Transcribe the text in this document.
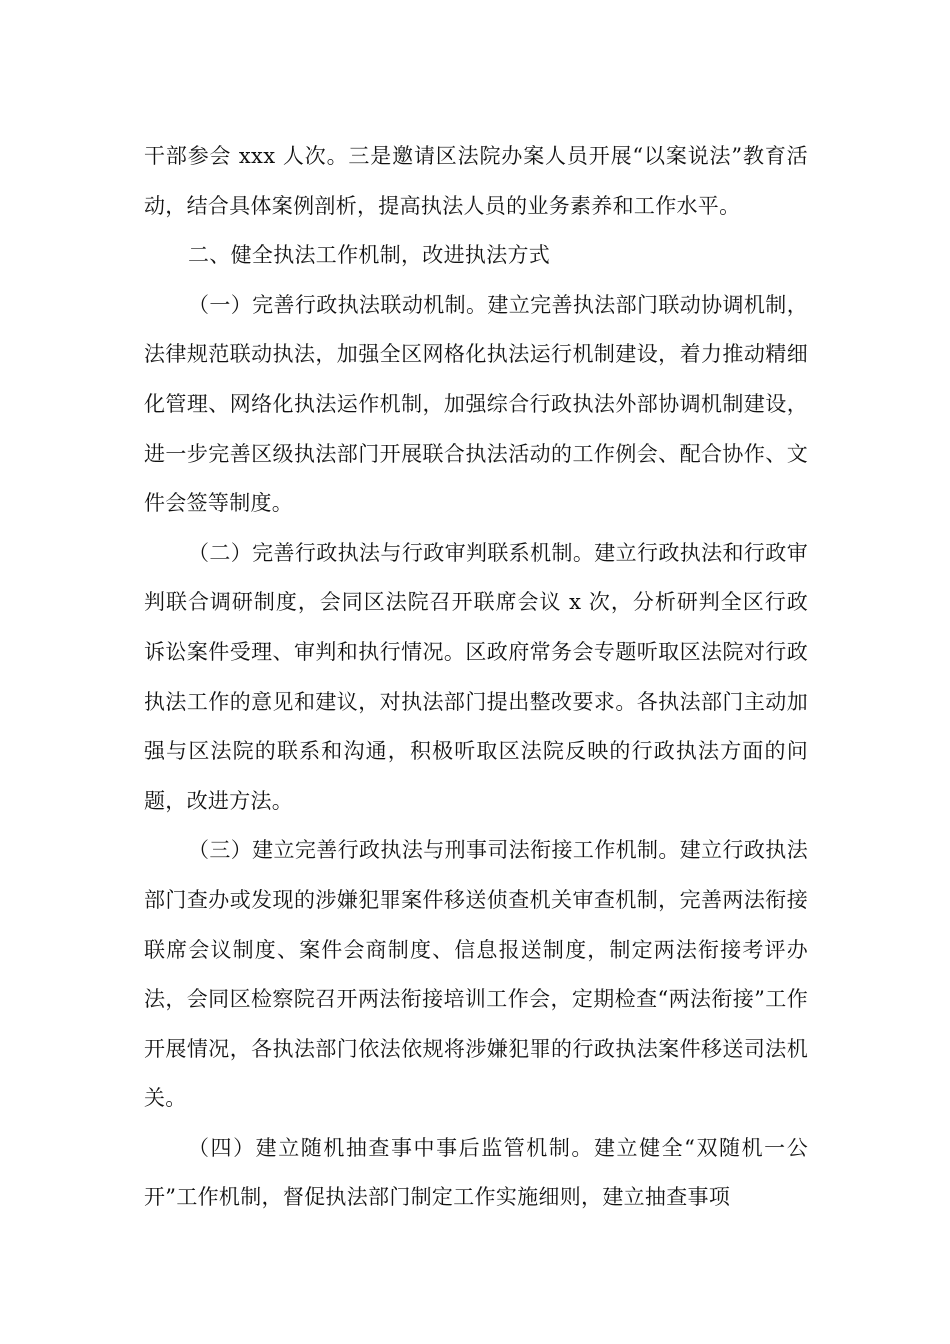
干部参会 xxx 人次。三是邀请区法院办案人员开展“以案说法”教育活动，结合具体案例剖析，提高执法人员的业务素养和工作水平。

二、健全执法工作机制，改进执法方式

（一）完善行政执法联动机制。建立完善执法部门联动协调机制，法律规范联动执法，加强全区网格化执法运行机制建设，着力推动精细化管理、网络化执法运作机制，加强综合行政执法外部协调机制建设，进一步完善区级执法部门开展联合执法活动的工作例会、配合协作、文件会签等制度。

（二）完善行政执法与行政审判联系机制。建立行政执法和行政审判联合调研制度，会同区法院召开联席会议 x 次，分析研判全区行政诉讼案件受理、审判和执行情况。区政府常务会专题听取区法院对行政执法工作的意见和建议，对执法部门提出整改要求。各执法部门主动加强与区法院的联系和沟通，积极听取区法院反映的行政执法方面的问题，改进方法。

（三）建立完善行政执法与刑事司法衔接工作机制。建立行政执法部门查办或发现的涉嫌犯罪案件移送侦查机关审查机制，完善两法衔接联席会议制度、案件会商制度、信息报送制度，制定两法衔接考评办法，会同区检察院召开两法衔接培训工作会，定期检查“两法衔接”工作开展情况，各执法部门依法依规将涉嫌犯罪的行政执法案件移送司法机关。

（四）建立随机抽查事中事后监管机制。建立健全“双随机一公开”工作机制，督促执法部门制定工作实施细则，建立抽查事项
